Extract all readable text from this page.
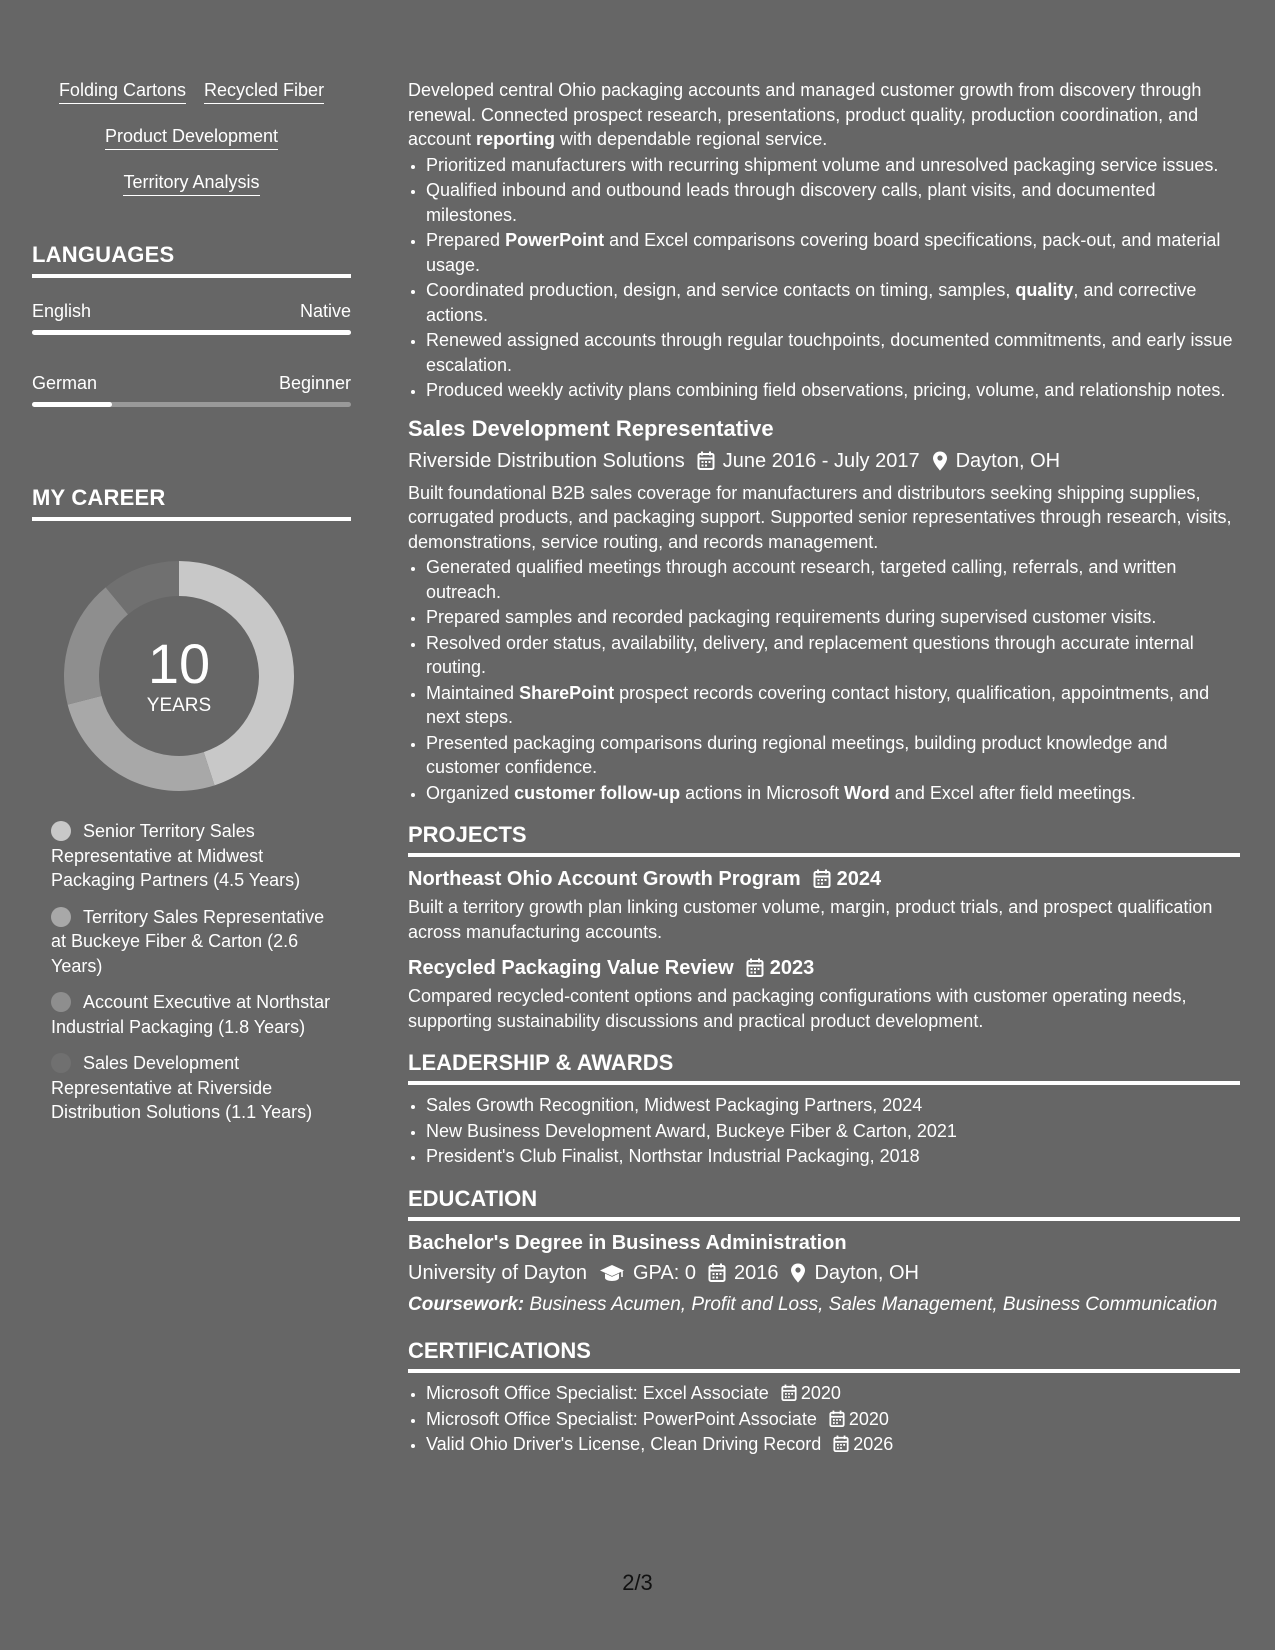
Folding Cartons Recycled Fiber
Product Development
Territory Analysis
LANGUAGES
English	Native
German	Beginner
MY CAREER
10
YEARS
Senior Territory Sales Representative at Midwest Packaging Partners (4.5 Years)
Territory Sales Representative at Buckeye Fiber & Carton (2.6 Years)
Account Executive at Northstar Industrial Packaging (1.8 Years)
Sales Development Representative at Riverside Distribution Solutions (1.1 Years)

Developed central Ohio packaging accounts and managed customer growth from discovery through renewal. Connected prospect research, presentations, product quality, production coordination, and account reporting with dependable regional service.

• Prioritized manufacturers with recurring shipment volume and unresolved packaging service issues.
• Qualified inbound and outbound leads through discovery calls, plant visits, and documented milestones.
• Prepared PowerPoint and Excel comparisons covering board specifications, pack-out, and material usage.
• Coordinated production, design, and service contacts on timing, samples, quality, and corrective actions.
• Renewed assigned accounts through regular touchpoints, documented commitments, and early issue escalation.
• Produced weekly activity plans combining field observations, pricing, volume, and relationship notes.
Sales Development Representative
Riverside Distribution Solutions June 2016 - July 2017 Dayton, OH

Built foundational B2B sales coverage for manufacturers and distributors seeking shipping supplies, corrugated products, and packaging support. Supported senior representatives through research, visits, demonstrations, service routing, and records management.

• Generated qualified meetings through account research, targeted calling, referrals, and written outreach.
• Prepared samples and recorded packaging requirements during supervised customer visits.
• Resolved order status, availability, delivery, and replacement questions through accurate internal routing.
• Maintained SharePoint prospect records covering contact history, qualification, appointments, and next steps.
• Presented packaging comparisons during regional meetings, building product knowledge and customer confidence.
• Organized customer follow-up actions in Microsoft Word and Excel after field meetings.
PROJECTS
Northeast Ohio Account Growth Program 2024

Built a territory growth plan linking customer volume, margin, product trials, and prospect qualification across manufacturing accounts.

Recycled Packaging Value Review 2023

Compared recycled-content options and packaging configurations with customer operating needs, supporting sustainability discussions and practical product development.

LEADERSHIP & AWARDS
• Sales Growth Recognition, Midwest Packaging Partners, 2024
• New Business Development Award, Buckeye Fiber & Carton, 2021
• President's Club Finalist, Northstar Industrial Packaging, 2018
EDUCATION
Bachelor's Degree in Business Administration
University of Dayton GPA: 0 2016 Dayton, OH
Coursework: Business Acumen, Profit and Loss, Sales Management, Business Communication
CERTIFICATIONS
• Microsoft Office Specialist: Excel Associate 2020
• Microsoft Office Specialist: PowerPoint Associate 2020
• Valid Ohio Driver's License, Clean Driving Record 2026
2/3
